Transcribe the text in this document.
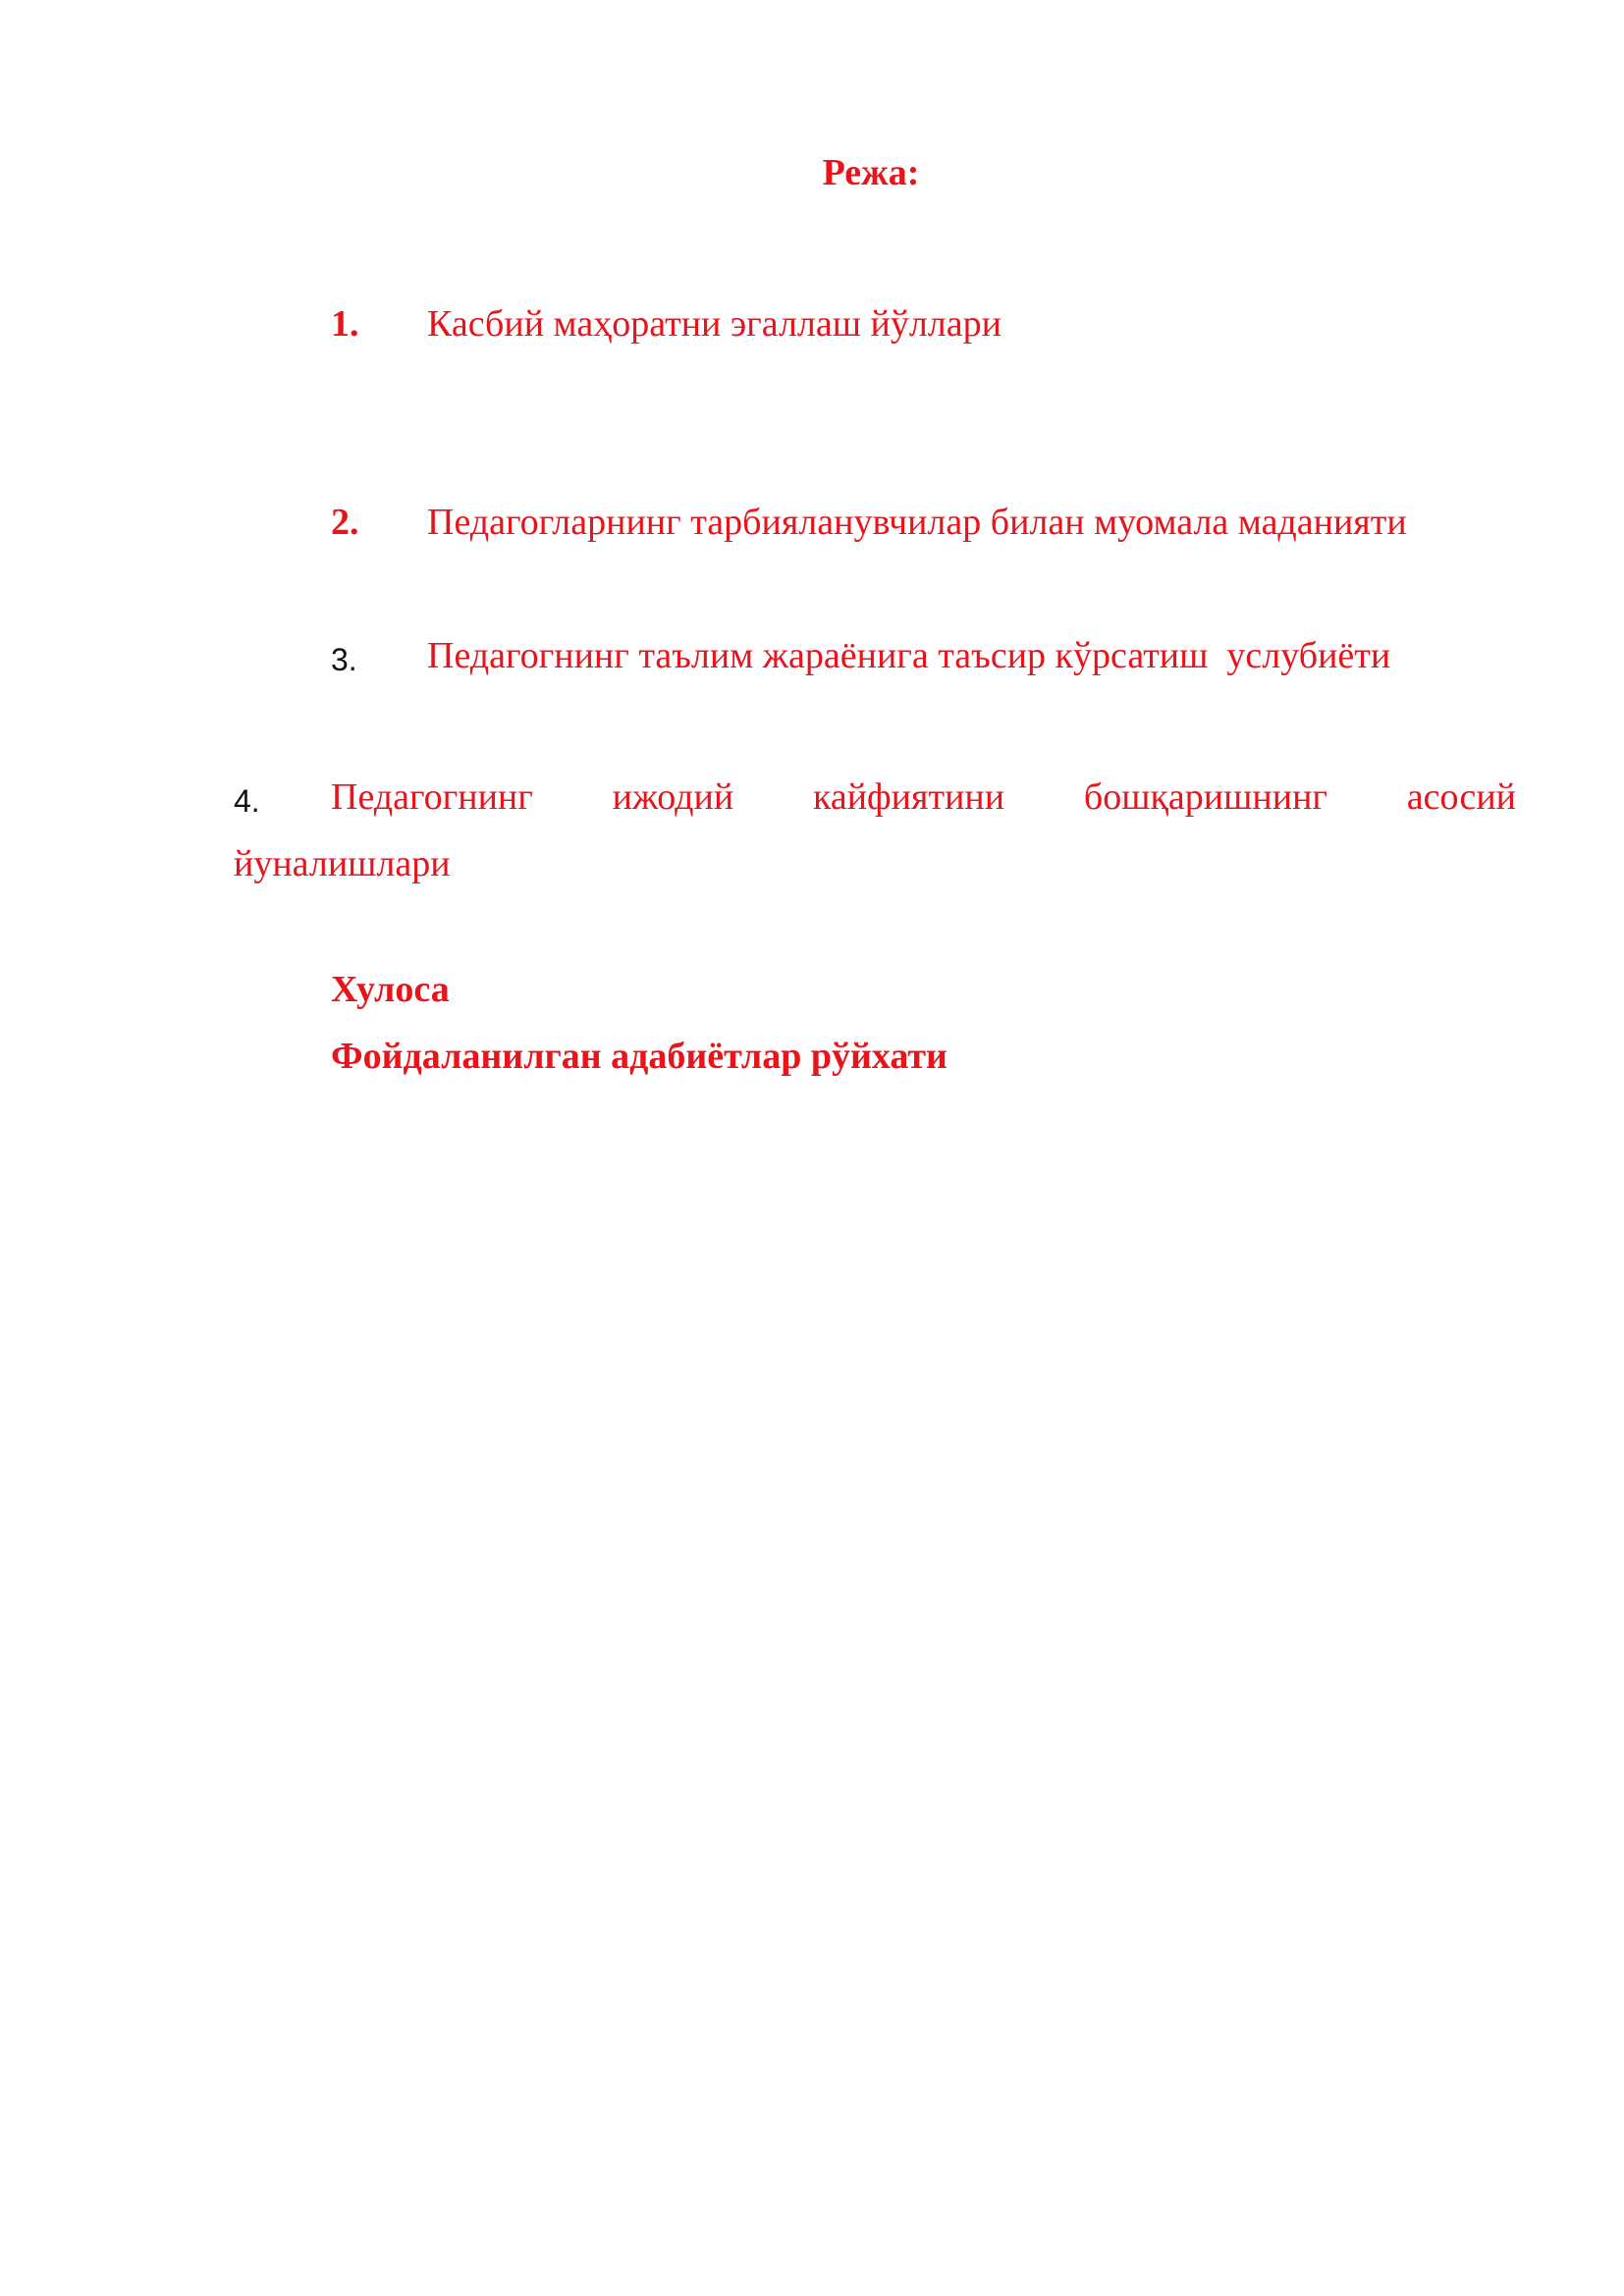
Режа:
1. Касбий маҳоратни эгаллаш йўллари
2. Педагогларнинг тарбияланувчилар билан муомала маданияти
3. Педагогнинг таълим жараёнига таъсир кўрсатиш  услубиёти
4. Педагогнинг ижодий кайфиятини бошқаришнинг асосий
йуналишлари
Хулоса
Фойдаланилган адабиётлар рўйхати
